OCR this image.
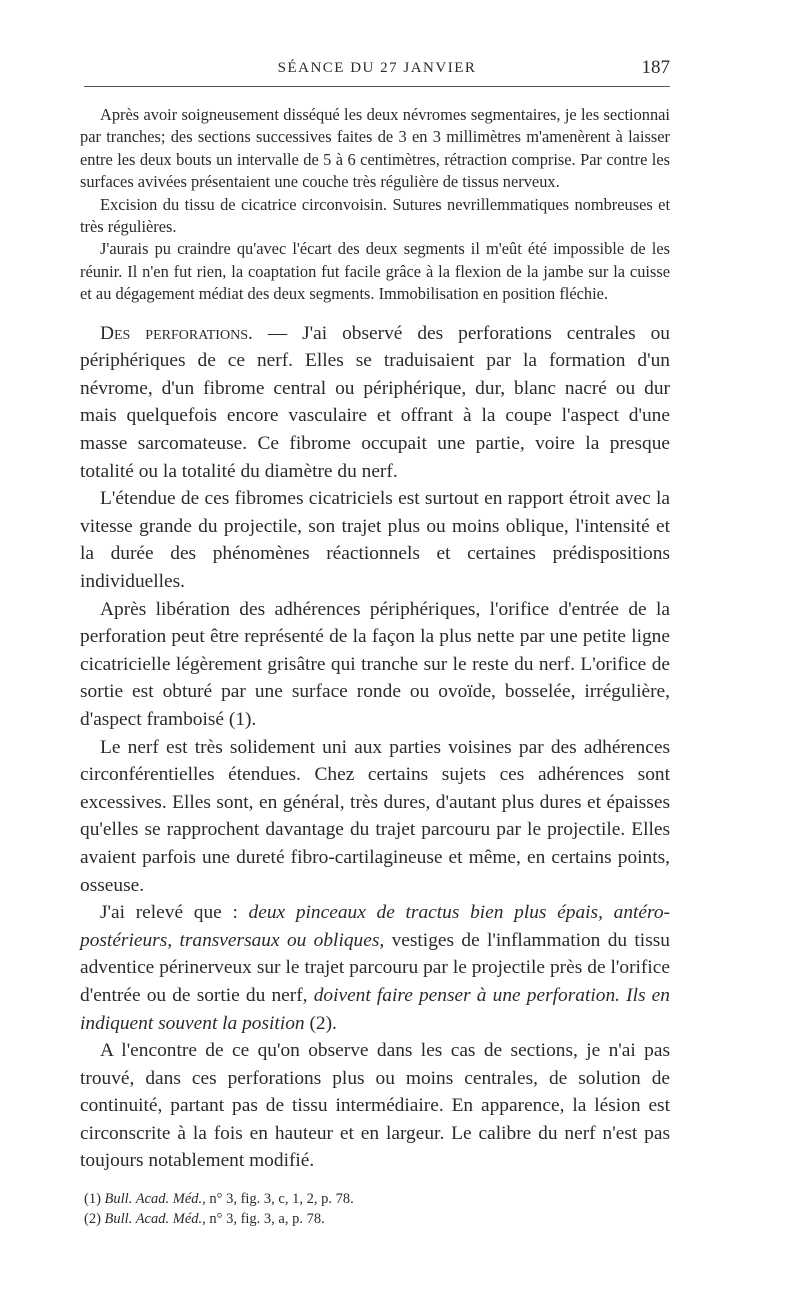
SÉANCE DU 27 JANVIER	187

Après avoir soigneusement disséqué les deux névromes segmentaires, je les sectionnai par tranches; des sections successives faites de 3 en 3 millimètres m'amenèrent à laisser entre les deux bouts un intervalle de 5 à 6 centimètres, rétraction comprise. Par contre les surfaces avivées présentaient une couche très régulière de tissus nerveux.

Excision du tissu de cicatrice circonvoisin. Sutures nevrillemmatiques nombreuses et très régulières.

J'aurais pu craindre qu'avec l'écart des deux segments il m'eût été impossible de les réunir. Il n'en fut rien, la coaptation fut facile grâce à la flexion de la jambe sur la cuisse et au dégagement médiat des deux segments. Immobilisation en position fléchie.

Des perforations. — J'ai observé des perforations centrales ou périphériques de ce nerf. Elles se traduisaient par la formation d'un névrome, d'un fibrome central ou périphérique, dur, blanc nacré ou dur mais quelquefois encore vasculaire et offrant à la coupe l'aspect d'une masse sarcomateuse. Ce fibrome occupait une partie, voire la presque totalité ou la totalité du diamètre du nerf.

L'étendue de ces fibromes cicatriciels est surtout en rapport étroit avec la vitesse grande du projectile, son trajet plus ou moins oblique, l'intensité et la durée des phénomènes réactionnels et certaines prédispositions individuelles.

Après libération des adhérences périphériques, l'orifice d'entrée de la perforation peut être représenté de la façon la plus nette par une petite ligne cicatricielle légèrement grisâtre qui tranche sur le reste du nerf. L'orifice de sortie est obturé par une surface ronde ou ovoïde, bosselée, irrégulière, d'aspect framboisé (1).

Le nerf est très solidement uni aux parties voisines par des adhérences circonférentielles étendues. Chez certains sujets ces adhérences sont excessives. Elles sont, en général, très dures, d'autant plus dures et épaisses qu'elles se rapprochent davantage du trajet parcouru par le projectile. Elles avaient parfois une dureté fibro-cartilagineuse et même, en certains points, osseuse.

J'ai relevé que : deux pinceaux de tractus bien plus épais, antéro-postérieurs, transversaux ou obliques, vestiges de l'inflammation du tissu adventice périnerveux sur le trajet parcouru par le projectile près de l'orifice d'entrée ou de sortie du nerf, doivent faire penser à une perforation. Ils en indiquent souvent la position (2).

A l'encontre de ce qu'on observe dans les cas de sections, je n'ai pas trouvé, dans ces perforations plus ou moins centrales, de solution de continuité, partant pas de tissu intermédiaire. En apparence, la lésion est circonscrite à la fois en hauteur et en largeur. Le calibre du nerf n'est pas toujours notablement modifié.

(1) Bull. Acad. Méd., n° 3, fig. 3, c, 1, 2, p. 78.

(2) Bull. Acad. Méd., n° 3, fig. 3, a, p. 78.
